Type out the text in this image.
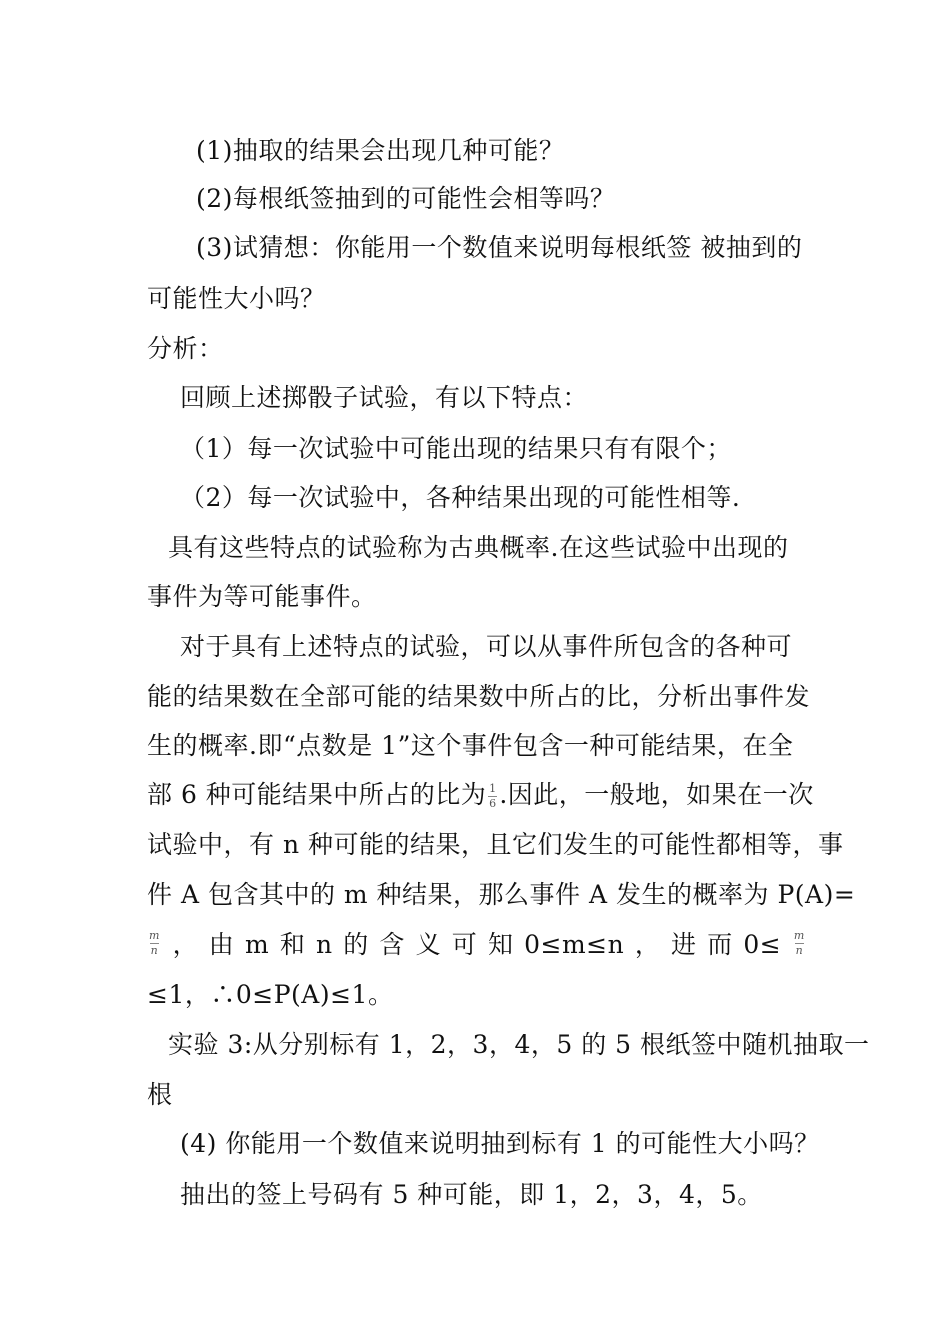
(1)抽取的结果会出现几种可能？
(2)每根纸签抽到的可能性会相等吗？
(3)试猜想：你能用一个数值来说明每根纸签 被抽到的
可能性大小吗？
分析：
回顾上述掷骰子试验，有以下特点：
（1）每一次试验中可能出现的结果只有有限个；
（2）每一次试验中，各种结果出现的可能性相等.
具有这些特点的试验称为古典概率.在这些试验中出现的
事件为等可能事件。
对于具有上述特点的试验，可以从事件所包含的各种可
能的结果数在全部可能的结果数中所占的比，分析出事件发
生的概率.即“点数是 1”这个事件包含一种可能结果，在全
部 6 种可能结果中所占的比为 $\frac{1}{6}$ .因此，一般地，如果在一次
试验中，有 n 种可能的结果，且它们发生的可能性都相等，事
件 A 包含其中的 m 种结果，那么事件 A 发生的概率为 P(A)=
$\frac{m}{n}$ ， 由 m 和 n 的 含 义 可 知 0≤m≤n ， 进 而 $0\le \frac{m}{n}$
≤1，∴0≤P(A)≤1。
实验 3:从分别标有 1，2，3，4，5 的 5 根纸签中随机抽取一
根
(4) 你能用一个数值来说明抽到标有 1 的可能性大小吗？
抽出的签上号码有 5 种可能，即 1，2，3，4，5。
